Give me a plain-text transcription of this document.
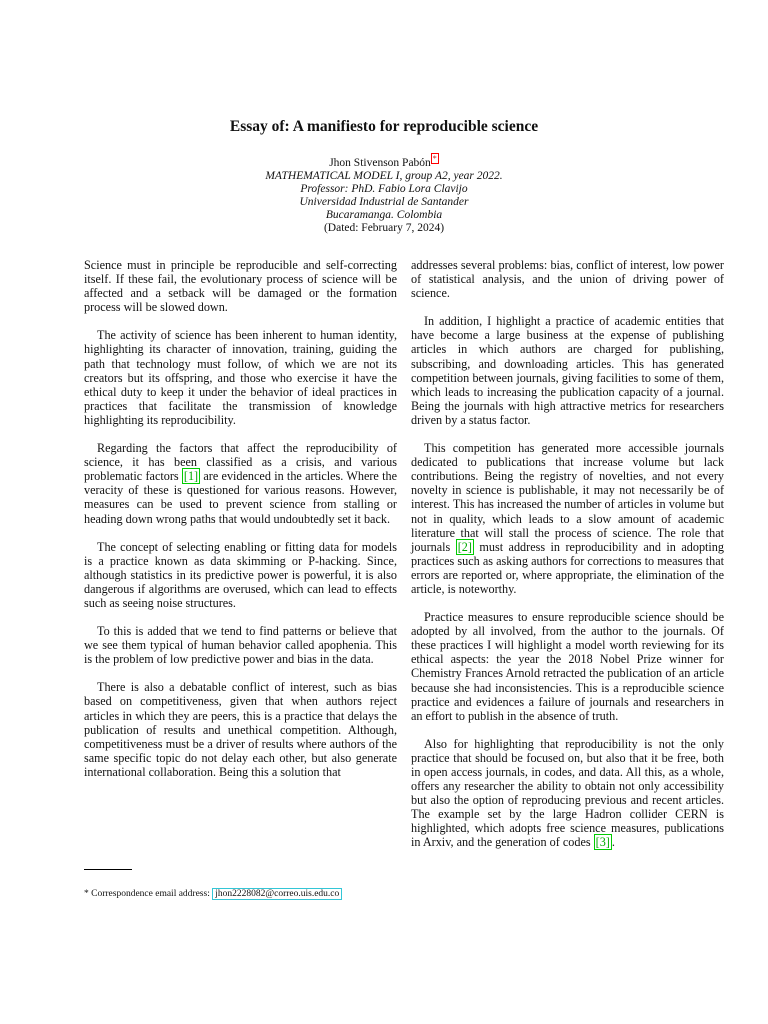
Essay of: A manifiesto for reproducible science
Jhon Stivenson Pabón *
MATHEMATICAL MODEL I, group A2, year 2022.
Professor: PhD. Fabio Lora Clavijo
Universidad Industrial de Santander
Bucaramanga. Colombia
(Dated: February 7, 2024)

Science must in principle be reproducible and self-correcting itself. If these fail, the evolutionary process of science will be affected and a setback will be damaged or the formation process will be slowed down.

The activity of science has been inherent to human identity, highlighting its character of innovation, training, guiding the path that technology must follow, of which we are not its creators but its offspring, and those who exercise it have the ethical duty to keep it under the behavior of ideal practices in practices that facilitate the transmission of knowledge highlighting its reproducibility.

Regarding the factors that affect the reproducibility of science, it has been classified as a crisis, and various problematic factors [1] are evidenced in the articles. Where the veracity of these is questioned for various reasons. However, measures can be used to prevent science from stalling or heading down wrong paths that would undoubtedly set it back.

The concept of selecting enabling or fitting data for models is a practice known as data skimming or P-hacking. Since, although statistics in its predictive power is powerful, it is also dangerous if algorithms are overused, which can lead to effects such as seeing noise structures.

To this is added that we tend to find patterns or believe that we see them typical of human behavior called apophenia. This is the problem of low predictive power and bias in the data.

There is also a debatable conflict of interest, such as bias based on competitiveness, given that when authors reject articles in which they are peers, this is a practice that delays the publication of results and unethical competition. Although, competitiveness must be a driver of results where authors of the same specific topic do not delay each other, but also generate international collaboration. Being this a solution that

addresses several problems: bias, conflict of interest, low power of statistical analysis, and the union of driving power of science.

In addition, I highlight a practice of academic entities that have become a large business at the expense of publishing articles in which authors are charged for publishing, subscribing, and downloading articles. This has generated competition between journals, giving facilities to some of them, which leads to increasing the publication capacity of a journal. Being the journals with high attractive metrics for researchers driven by a status factor.

This competition has generated more accessible journals dedicated to publications that increase volume but lack contributions. Being the registry of novelties, and not every novelty in science is publishable, it may not necessarily be of interest. This has increased the number of articles in volume but not in quality, which leads to a slow amount of academic literature that will stall the process of science. The role that journals [2] must address in reproducibility and in adopting practices such as asking authors for corrections to measures that errors are reported or, where appropriate, the elimination of the article, is noteworthy.

Practice measures to ensure reproducible science should be adopted by all involved, from the author to the journals. Of these practices I will highlight a model worth reviewing for its ethical aspects: the year the 2018 Nobel Prize winner for Chemistry Frances Arnold retracted the publication of an article because she had inconsistencies. This is a reproducible science practice and evidences a failure of journals and researchers in an effort to publish in the absence of truth.

Also for highlighting that reproducibility is not the only practice that should be focused on, but also that it be free, both in open access journals, in codes, and data. All this, as a whole, offers any researcher the ability to obtain not only accessibility but also the option of reproducing previous and recent articles. The example set by the large Hadron collider CERN is highlighted, which adopts free science measures, publications in Arxiv, and the generation of codes [3] .

* Correspondence email address: jhon2228082@correo.uis.edu.co
